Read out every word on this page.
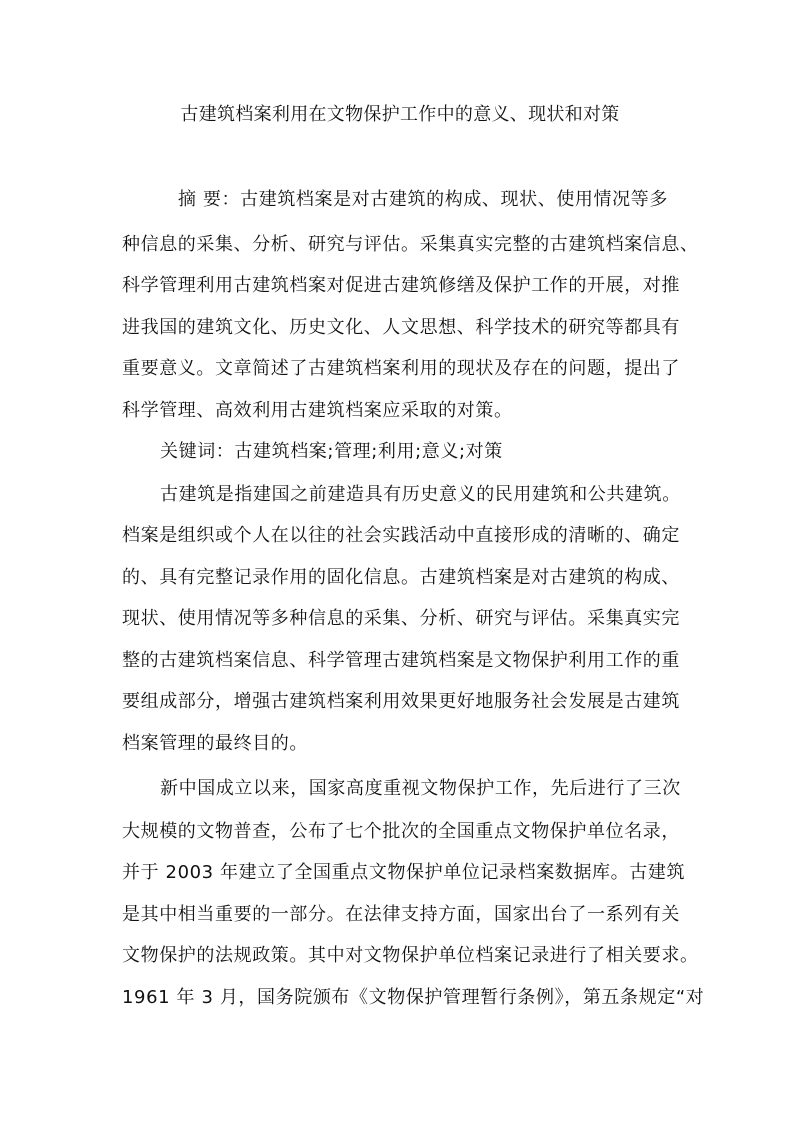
古建筑档案利用在文物保护工作中的意义、现状和对策
摘 要：古建筑档案是对古建筑的构成、现状、使用情况等多
种信息的采集、分析、研究与评估。采集真实完整的古建筑档案信息、
科学管理利用古建筑档案对促进古建筑修缮及保护工作的开展，对推
进我国的建筑文化、历史文化、人文思想、科学技术的研究等都具有
重要意义。文章简述了古建筑档案利用的现状及存在的问题，提出了
科学管理、高效利用古建筑档案应采取的对策。
关键词：古建筑档案;管理;利用;意义;对策
古建筑是指建国之前建造具有历史意义的民用建筑和公共建筑。
档案是组织或个人在以往的社会实践活动中直接形成的清晰的、确定
的、具有完整记录作用的固化信息。古建筑档案是对古建筑的构成、
现状、使用情况等多种信息的采集、分析、研究与评估。采集真实完
整的古建筑档案信息、科学管理古建筑档案是文物保护利用工作的重
要组成部分，增强古建筑档案利用效果更好地服务社会发展是古建筑
档案管理的最终目的。
新中国成立以来，国家高度重视文物保护工作，先后进行了三次
大规模的文物普查，公布了七个批次的全国重点文物保护单位名录，
并于 2003 年建立了全国重点文物保护单位记录档案数据库。古建筑
是其中相当重要的一部分。在法律支持方面，国家出台了一系列有关
文物保护的法规政策。其中对文物保护单位档案记录进行了相关要求。
1961 年 3 月，国务院颁布《文物保护管理暂行条例》，第五条规定“对
